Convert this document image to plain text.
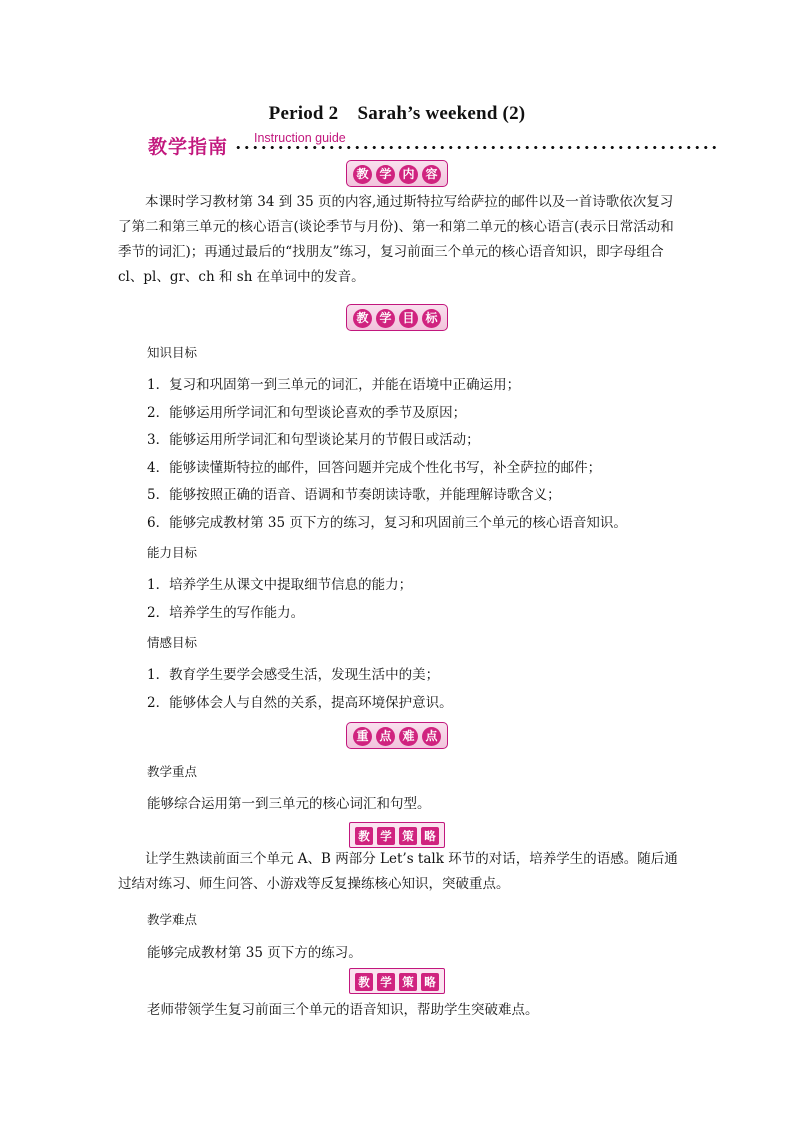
Period 2　Sarah’s weekend (2)
教学指南 Instruction guide
教 学 内 容
本课时学习教材第 34 到 35 页的内容,通过斯特拉写给萨拉的邮件以及一首诗歌依次复习了第二和第三单元的核心语言(谈论季节与月份)、第一和第二单元的核心语言(表示日常活动和季节的词汇)；再通过最后的“找朋友”练习，复习前面三个单元的核心语音知识，即字母组合 cl、pl、gr、ch 和 sh 在单词中的发音。
教 学 目 标
知识目标
1．复习和巩固第一到三单元的词汇，并能在语境中正确运用；
2．能够运用所学词汇和句型谈论喜欢的季节及原因；
3．能够运用所学词汇和句型谈论某月的节假日或活动；
4．能够读懂斯特拉的邮件，回答问题并完成个性化书写，补全萨拉的邮件；
5．能够按照正确的语音、语调和节奏朗读诗歌，并能理解诗歌含义；
6．能够完成教材第 35 页下方的练习，复习和巩固前三个单元的核心语音知识。
能力目标
1．培养学生从课文中提取细节信息的能力；
2．培养学生的写作能力。
情感目标
1．教育学生要学会感受生活，发现生活中的美；
2．能够体会人与自然的关系，提高环境保护意识。
重 点 难 点
教学重点
能够综合运用第一到三单元的核心词汇和句型。
教 学 策 略
让学生熟读前面三个单元 A、B 两部分 Let’s talk 环节的对话，培养学生的语感。随后通过结对练习、师生问答、小游戏等反复操练核心知识，突破重点。
教学难点
能够完成教材第 35 页下方的练习。
教 学 策 略
老师带领学生复习前面三个单元的语音知识，帮助学生突破难点。
